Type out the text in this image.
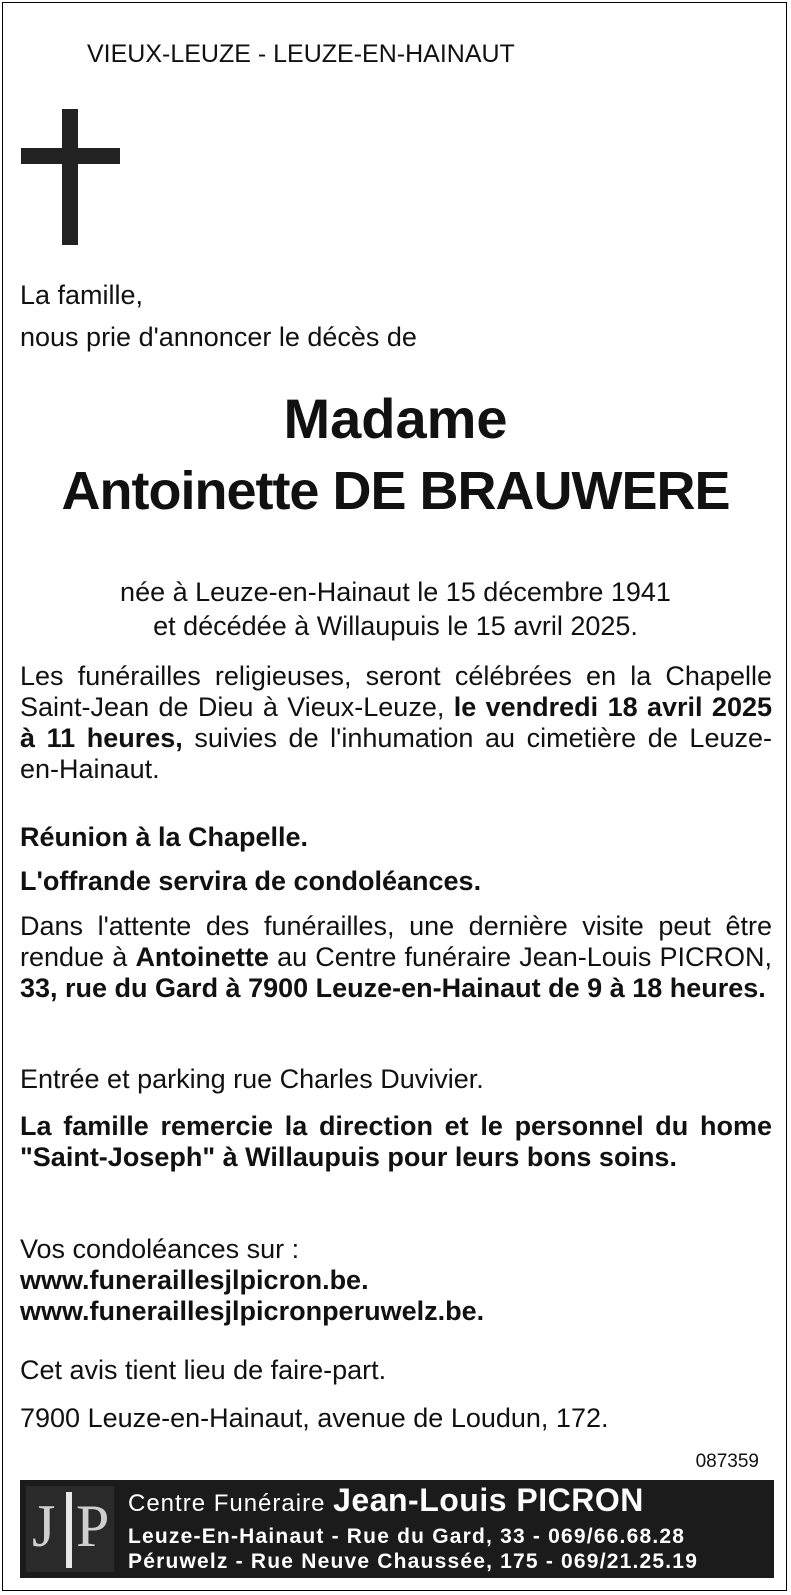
VIEUX-LEUZE - LEUZE-EN-HAINAUT
La famille,
nous prie d'annoncer le décès de
Madame
Antoinette DE BRAUWERE
née à Leuze-en-Hainaut le 15 décembre 1941
et décédée à Willaupuis le 15 avril 2025.
Les funérailles religieuses, seront célébrées en la Chapelle Saint-Jean de Dieu à Vieux-Leuze, le vendredi 18 avril 2025 à 11 heures, suivies de l'inhumation au cimetière de Leuze-en-Hainaut.
Réunion à la Chapelle.
L'offrande servira de condoléances.
Dans l'attente des funérailles, une dernière visite peut être rendue à Antoinette au Centre funéraire Jean-Louis PICRON, 33, rue du Gard à 7900 Leuze-en-Hainaut de 9 à 18 heures.
Entrée et parking rue Charles Duvivier.
La famille remercie la direction et le personnel du home "Saint-Joseph" à Willaupuis pour leurs bons soins.
Vos condoléances sur :
www.funeraillesjlpicron.be.
www.funeraillesjlpicronperuwelz.be.
Cet avis tient lieu de faire-part.
7900 Leuze-en-Hainaut, avenue de Loudun, 172.
087359
J P Centre Funéraire Jean-Louis PICRON
Leuze-En-Hainaut - Rue du Gard, 33 - 069/66.68.28
Péruwelz - Rue Neuve Chaussée, 175 - 069/21.25.19
